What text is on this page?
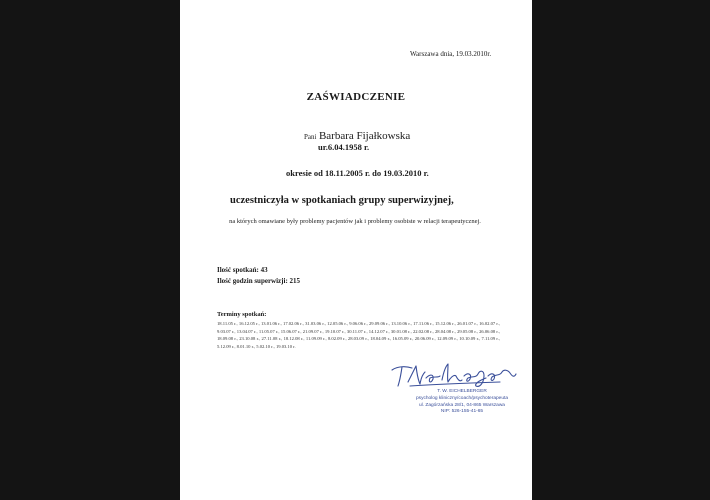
Warszawa dnia, 19.03.2010r.
ZAŚWIADCZENIE
Pani Barbara Fijałkowska
ur.6.04.1958 r.
okresie od 18.11.2005 r. do 19.03.2010 r.
uczestniczyła w spotkaniach grupy superwizyjnej,
na których omawiane były problemy pacjentów jak i problemy osobiste w relacji terapeutycznej.
Ilość spotkań: 43
Ilość godzin superwizji: 215
Terminy spotkań:
18.11.05 r., 16.12.05 r., 13.01.06 r., 17.02.06 r., 31.03.06 r., 12.05.06 r., 9.06.06 r., 29.09.06 r., 13.10.06 r., 17.11.06 r., 15.12.06 r., 26.01.07 r., 16.02.07 r., 9.03.07 r., 13.04.07 r., 11.05.07 r., 15.06.07 r., 21.09.07 r., 19.10.07 r., 30.11.07 r., 14.12.07 r., 30.01.08 r., 22.02.08 r., 28.04.08 r., 29.05.08 r., 26.06.08 r., 18.09.08 r., 23.10.08 r., 27.11.08 r., 18.12.08 r., 11.09.09 r., 8.02.09 r., 28.03.09 r., 18.04.09 r., 16.05.09 r., 20.06.09 r., 12.09.09 r., 10.10.09 r., 7.11.09 r., 5.12.09 r., 8.01.10 r., 5.02.10 r., 19.03.10 r.
T. W. EICHELBERGER
psycholog kliniczny/coach/psychoterapeuta
ul. Zagórzańska 28/1, 04-865 Warszawa
NIP: 526-155-41-65
